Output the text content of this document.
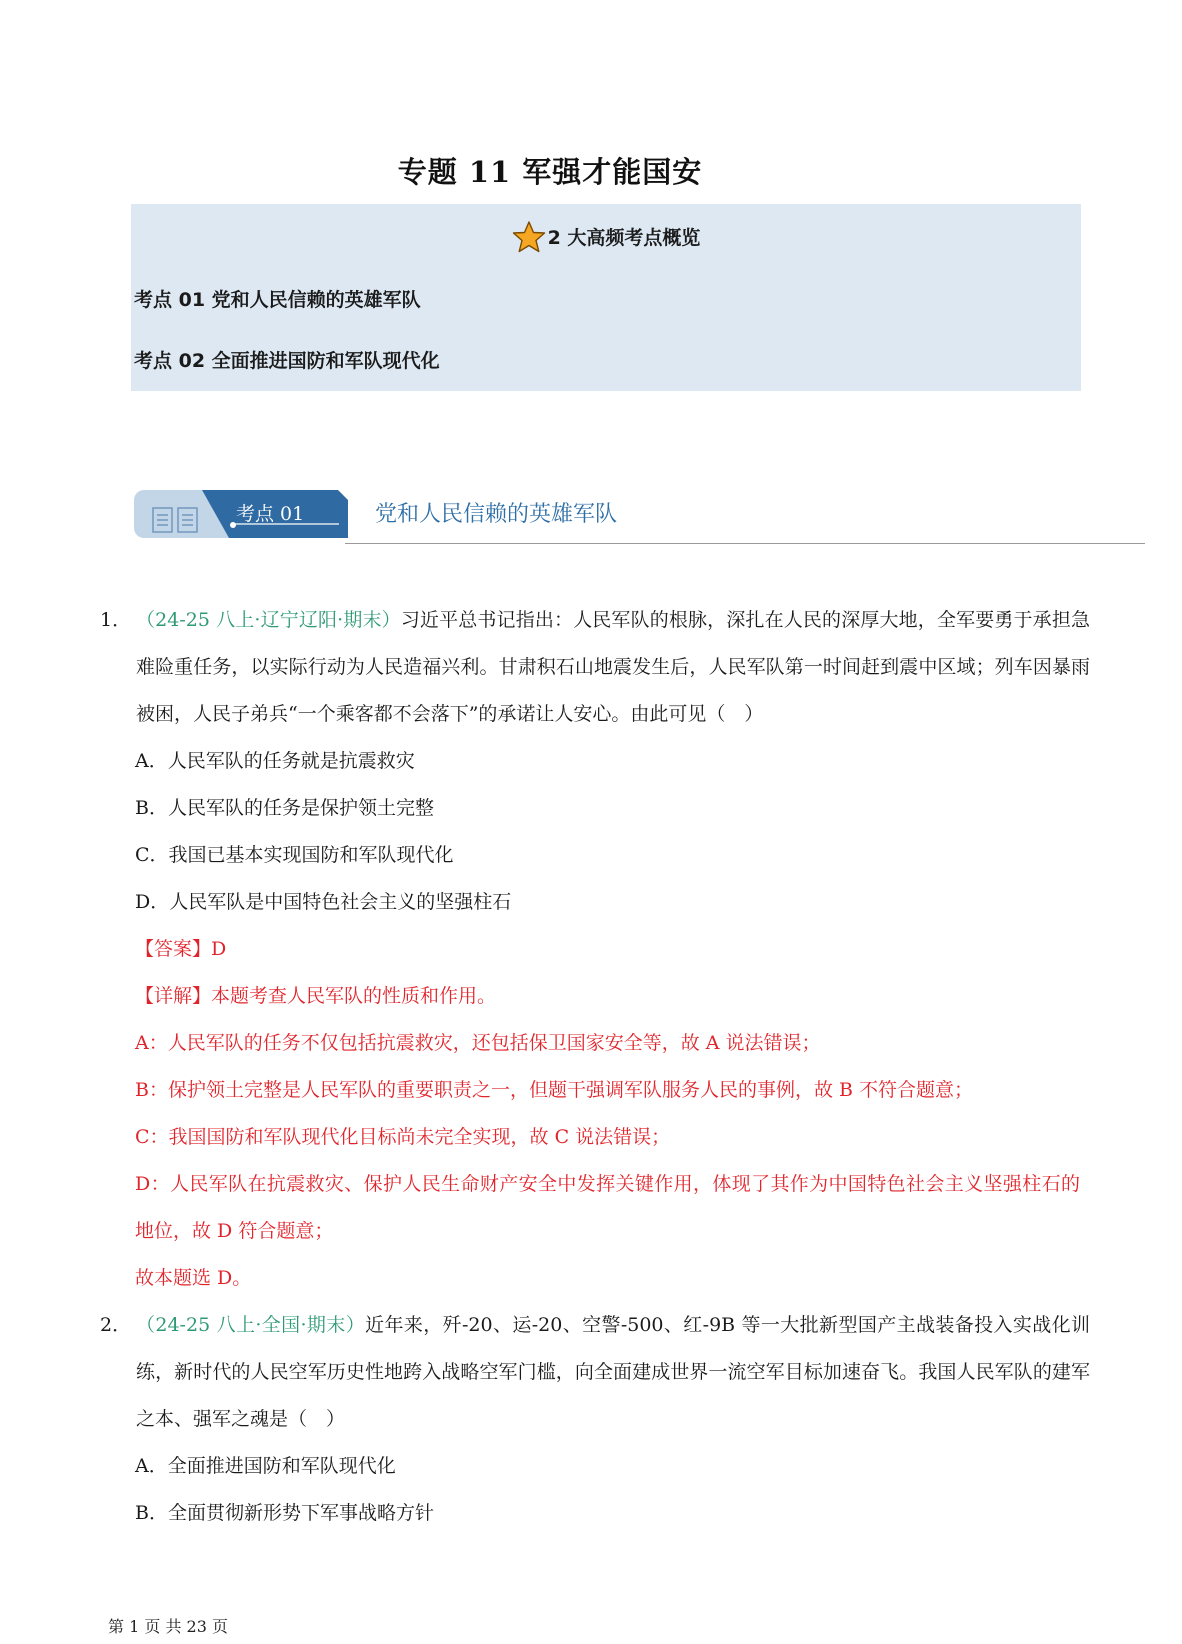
专题 11 军强才能国安
2 大高频考点概览
考点 01 党和人民信赖的英雄军队
考点 02 全面推进国防和军队现代化
考点 01	党和人民信赖的英雄军队
1． （24-25 八上·辽宁辽阳·期末）习近平总书记指出：人民军队的根脉，深扎在人民的深厚大地，全军要勇于承担急难险重任务，以实际行动为人民造福兴利。甘肃积石山地震发生后，人民军队第一时间赶到震中区域；列车因暴雨被困，人民子弟兵“一个乘客都不会落下”的承诺让人安心。由此可见（　）
A．人民军队的任务就是抗震救灾
B．人民军队的任务是保护领土完整
C．我国已基本实现国防和军队现代化
D．人民军队是中国特色社会主义的坚强柱石
【答案】D
【详解】本题考查人民军队的性质和作用。
A：人民军队的任务不仅包括抗震救灾，还包括保卫国家安全等，故 A 说法错误；
B：保护领土完整是人民军队的重要职责之一，但题干强调军队服务人民的事例，故 B 不符合题意；
C：我国国防和军队现代化目标尚未完全实现，故 C 说法错误；
D：人民军队在抗震救灾、保护人民生命财产安全中发挥关键作用，体现了其作为中国特色社会主义坚强柱石的地位，故 D 符合题意；
故本题选 D。
2． （24-25 八上·全国·期末）近年来，歼-20、运-20、空警-500、红-9B 等一大批新型国产主战装备投入实战化训练，新时代的人民空军历史性地跨入战略空军门槛，向全面建成世界一流空军目标加速奋飞。我国人民军队的建军之本、强军之魂是（　）
A．全面推进国防和军队现代化
B．全面贯彻新形势下军事战略方针
第 1 页 共 23 页
